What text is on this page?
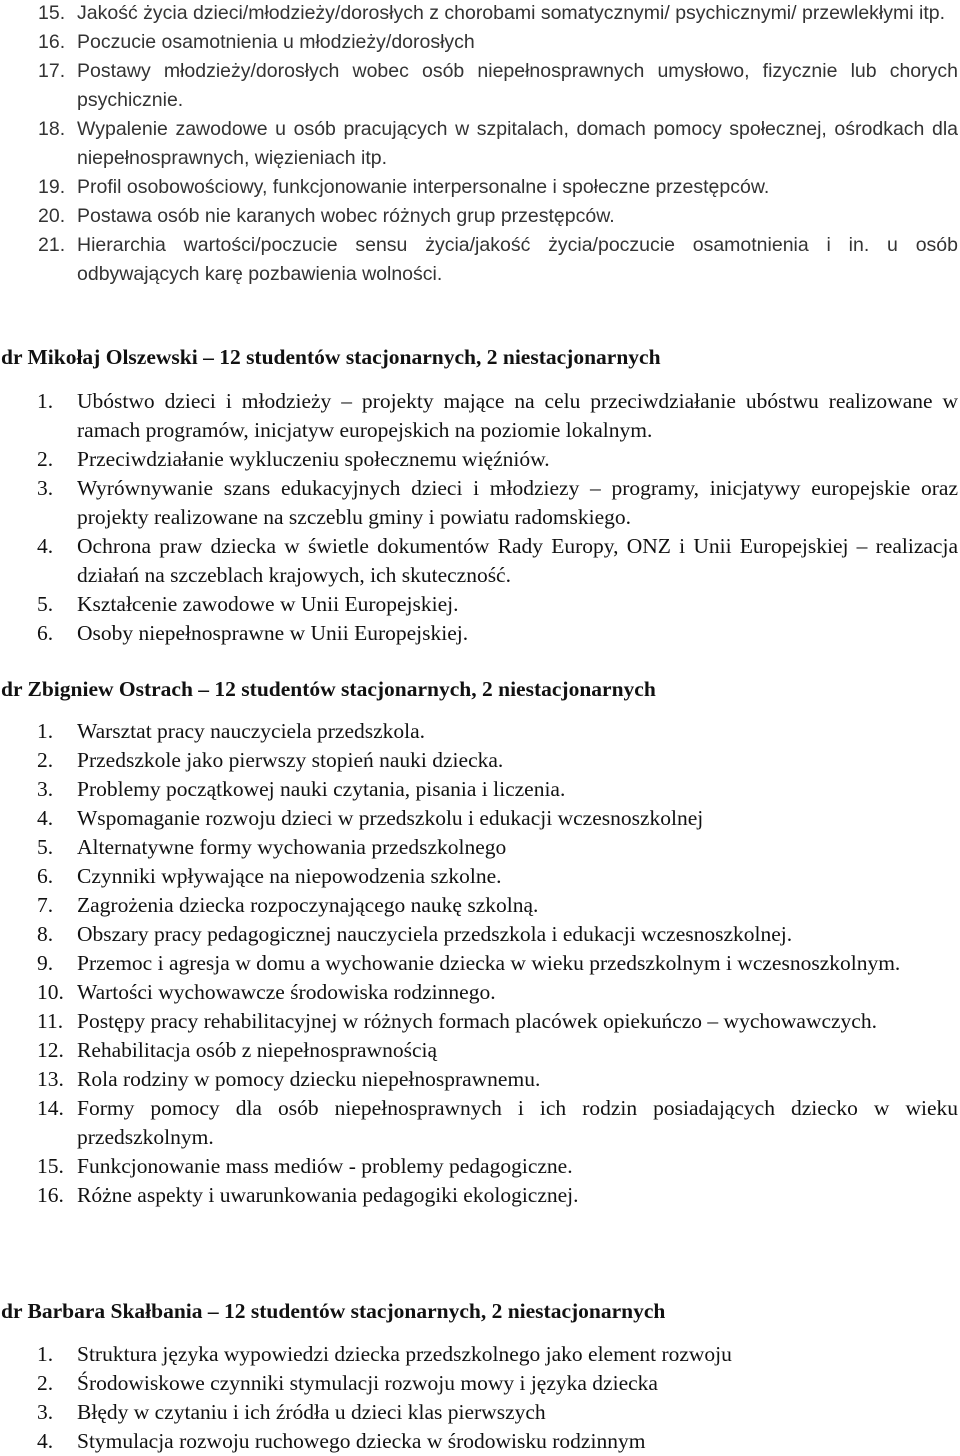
15. Jakość życia dzieci/młodzieży/dorosłych z chorobami somatycznymi/ psychicznymi/ przewlekłymi itp.
16. Poczucie osamotnienia u młodzieży/dorosłych
17. Postawy młodzieży/dorosłych wobec osób niepełnosprawnych umysłowo, fizycznie lub chorych psychicznie.
18. Wypalenie zawodowe u osób pracujących w szpitalach, domach pomocy społecznej, ośrodkach dla niepełnosprawnych, więzieniach itp.
19. Profil osobowościowy, funkcjonowanie interpersonalne i społeczne przestępców.
20. Postawa osób nie karanych wobec różnych grup przestępców.
21. Hierarchia wartości/poczucie sensu życia/jakość życia/poczucie osamotnienia i in. u osób odbywających karę pozbawienia wolności.
dr Mikołaj Olszewski – 12 studentów stacjonarnych, 2 niestacjonarnych
1. Ubóstwo dzieci i młodzieży – projekty mające na celu przeciwdziałanie ubóstwu realizowane w ramach programów, inicjatyw europejskich na poziomie lokalnym.
2. Przeciwdziałanie wykluczeniu społecznemu więźniów.
3. Wyrównywanie szans edukacyjnych dzieci i młodziezy – programy, inicjatywy europejskie oraz projekty realizowane na szczeblu gminy i powiatu radomskiego.
4. Ochrona praw dziecka w świetle dokumentów Rady Europy, ONZ i Unii Europejskiej – realizacja działań na szczeblach krajowych, ich skuteczność.
5. Kształcenie zawodowe w Unii Europejskiej.
6. Osoby niepełnosprawne w Unii Europejskiej.
dr Zbigniew Ostrach – 12 studentów stacjonarnych, 2 niestacjonarnych
1. Warsztat pracy nauczyciela przedszkola.
2. Przedszkole jako pierwszy stopień nauki dziecka.
3. Problemy początkowej nauki czytania, pisania i liczenia.
4. Wspomaganie rozwoju dzieci w przedszkolu i edukacji wczesnoszkolnej
5. Alternatywne formy wychowania przedszkolnego
6. Czynniki wpływające na niepowodzenia szkolne.
7. Zagrożenia dziecka rozpoczynającego naukę szkolną.
8. Obszary pracy pedagogicznej nauczyciela przedszkola i edukacji wczesnoszkolnej.
9. Przemoc i agresja w domu a wychowanie dziecka w wieku przedszkolnym i wczesnoszkolnym.
10. Wartości wychowawcze środowiska rodzinnego.
11. Postępy pracy rehabilitacyjnej w różnych formach placówek opiekuńczo – wychowawczych.
12. Rehabilitacja osób z niepełnosprawnością
13. Rola rodziny w pomocy dziecku niepełnosprawnemu.
14. Formy pomocy dla osób niepełnosprawnych i ich rodzin posiadających dziecko w wieku przedszkolnym.
15. Funkcjonowanie mass mediów - problemy pedagogiczne.
16. Różne aspekty i uwarunkowania pedagogiki ekologicznej.
dr Barbara Skałbania – 12 studentów stacjonarnych, 2 niestacjonarnych
1. Struktura języka wypowiedzi dziecka przedszkolnego jako element rozwoju
2. Środowiskowe czynniki stymulacji rozwoju mowy i języka dziecka
3. Błędy w czytaniu i ich źródła u dzieci klas pierwszych
4. Stymulacja rozwoju ruchowego dziecka w środowisku rodzinnym
